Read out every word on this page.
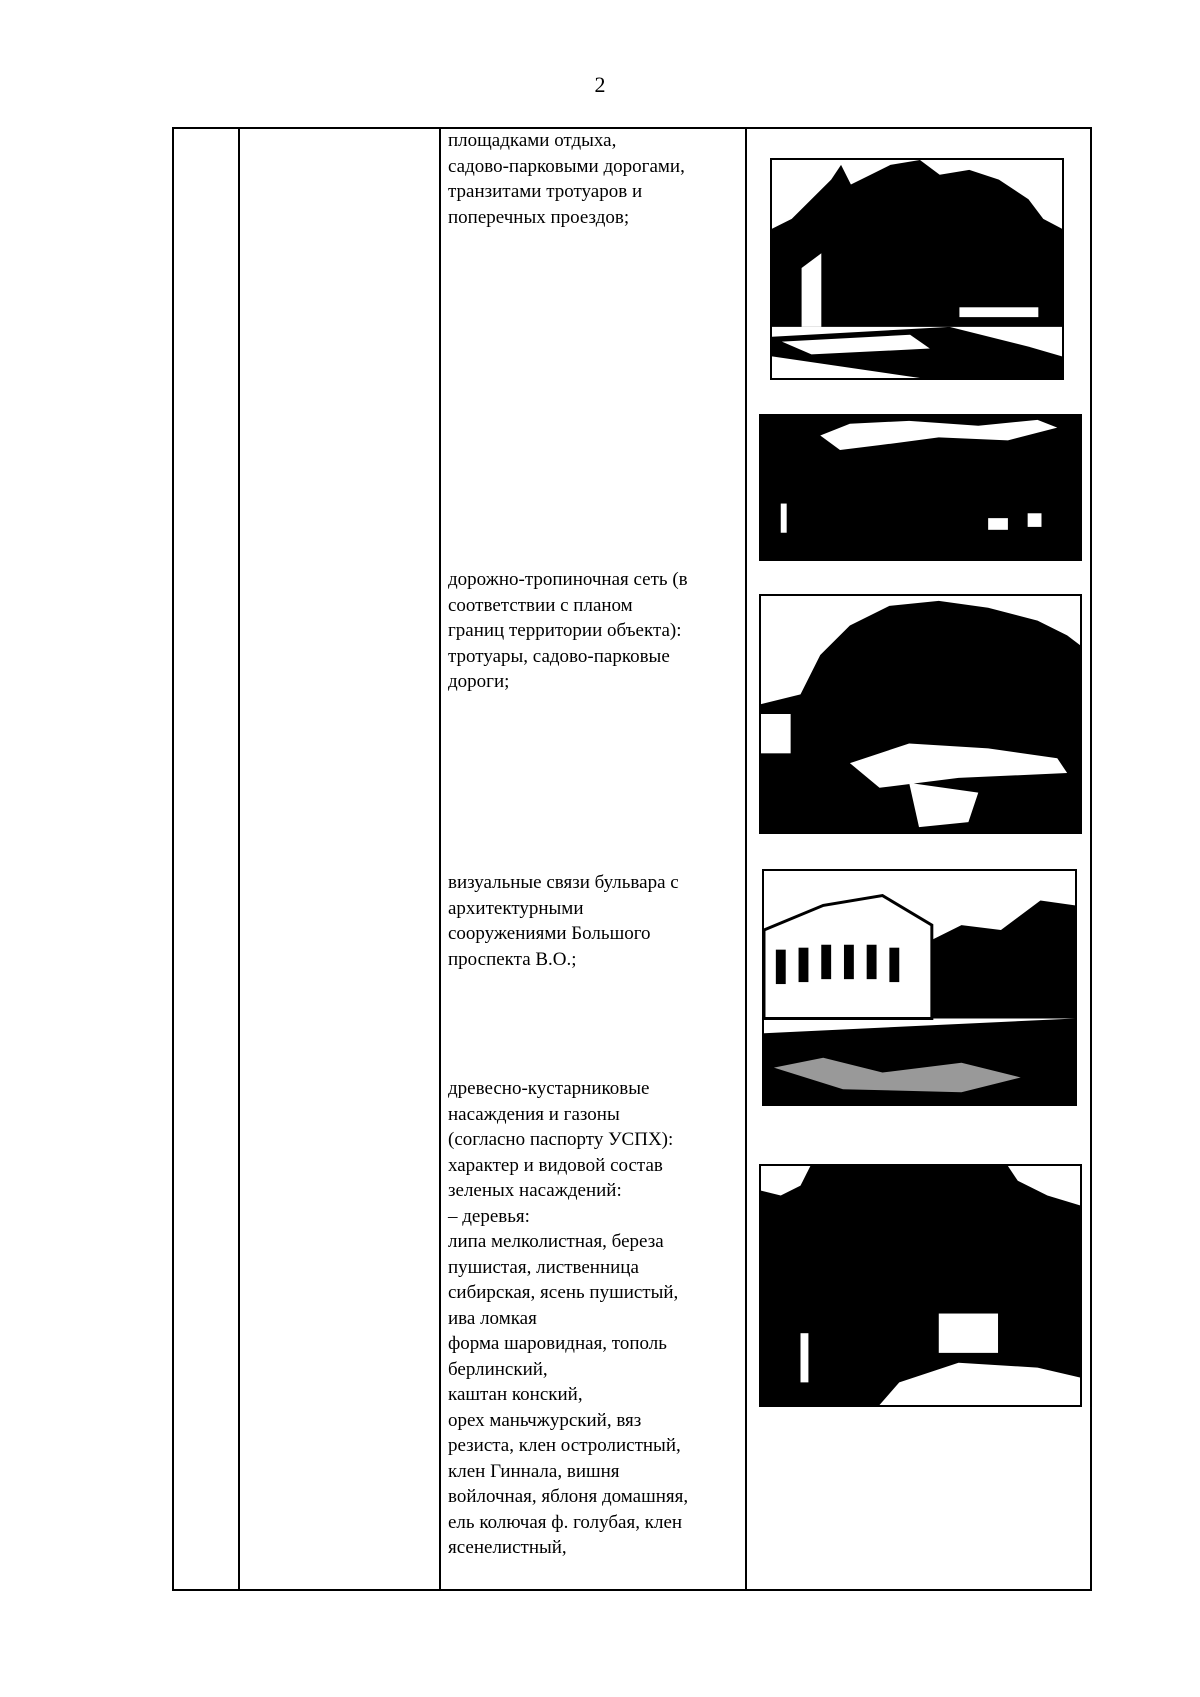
2

площадками отдыха,
садово-парковыми дорогами,
транзитами тротуаров и
поперечных проездов;

дорожно-тропиночная сеть (в
соответствии с планом
границ территории объекта):
тротуары, садово-парковые
дороги;

визуальные связи бульвара с
архитектурными
сооружениями Большого
проспекта В.О.;

древесно-кустарниковые
насаждения и газоны
(согласно паспорту УСПХ):
характер и видовой состав
зеленых насаждений:
– деревья:
липа мелколистная, береза
пушистая, лиственница
сибирская, ясень пушистый,
ива ломкая
форма шаровидная, тополь
берлинский,
каштан конский,
орех маньчжурский, вяз
резиста, клен остролистный,
клен Гиннала, вишня
войлочная, яблоня домашняя,
ель колючая ф. голубая, клен
ясенелистный,
